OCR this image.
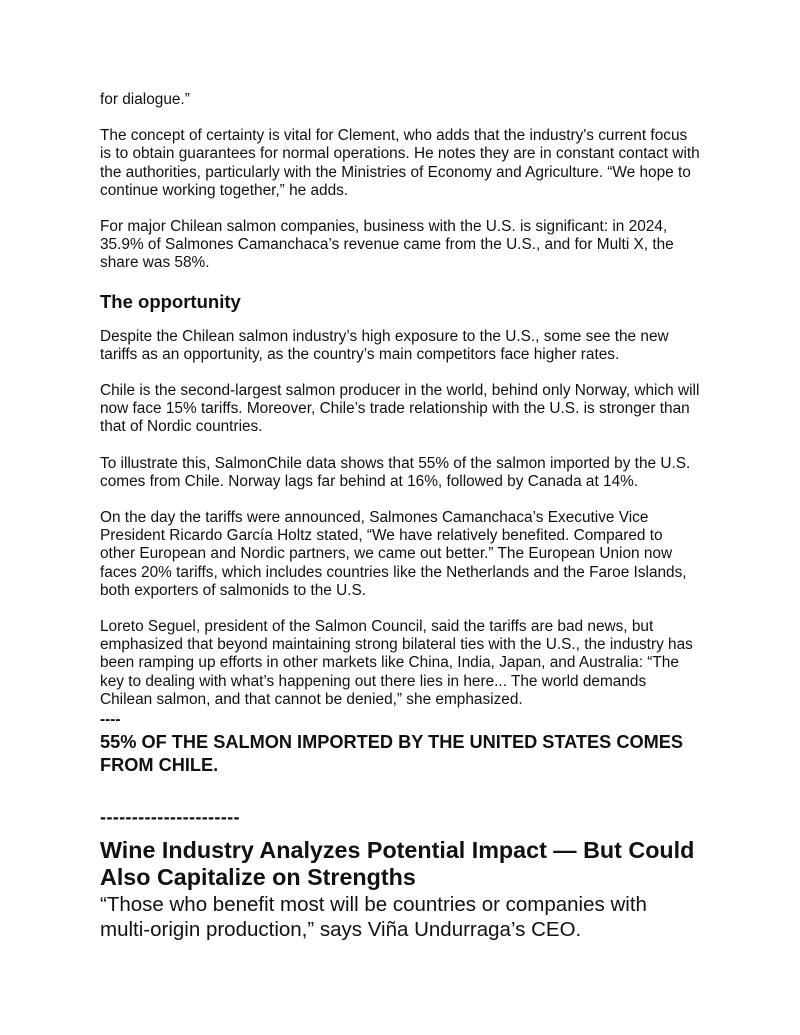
for dialogue.”

The concept of certainty is vital for Clement, who adds that the industry's current focus is to obtain guarantees for normal operations. He notes they are in constant contact with the authorities, particularly with the Ministries of Economy and Agriculture. “We hope to continue working together,” he adds.

For major Chilean salmon companies, business with the U.S. is significant: in 2024, 35.9% of Salmones Camanchaca’s revenue came from the U.S., and for Multi X, the share was 58%.

The opportunity

Despite the Chilean salmon industry’s high exposure to the U.S., some see the new tariffs as an opportunity, as the country’s main competitors face higher rates.

Chile is the second-largest salmon producer in the world, behind only Norway, which will now face 15% tariffs. Moreover, Chile’s trade relationship with the U.S. is stronger than that of Nordic countries.

To illustrate this, SalmonChile data shows that 55% of the salmon imported by the U.S. comes from Chile. Norway lags far behind at 16%, followed by Canada at 14%.

On the day the tariffs were announced, Salmones Camanchaca’s Executive Vice President Ricardo García Holtz stated, “We have relatively benefited. Compared to other European and Nordic partners, we came out better.” The European Union now faces 20% tariffs, which includes countries like the Netherlands and the Faroe Islands, both exporters of salmonids to the U.S.

Loreto Seguel, president of the Salmon Council, said the tariffs are bad news, but emphasized that beyond maintaining strong bilateral ties with the U.S., the industry has been ramping up efforts in other markets like China, India, Japan, and Australia: “The key to dealing with what’s happening out there lies in here... The world demands Chilean salmon, and that cannot be denied,” she emphasized.

----
55% OF THE SALMON IMPORTED BY THE UNITED STATES COMES FROM CHILE.
----------------------
Wine Industry Analyzes Potential Impact — But Could Also Capitalize on Strengths

“Those who benefit most will be countries or companies with multi-origin production,” says Viña Undurraga’s CEO.
